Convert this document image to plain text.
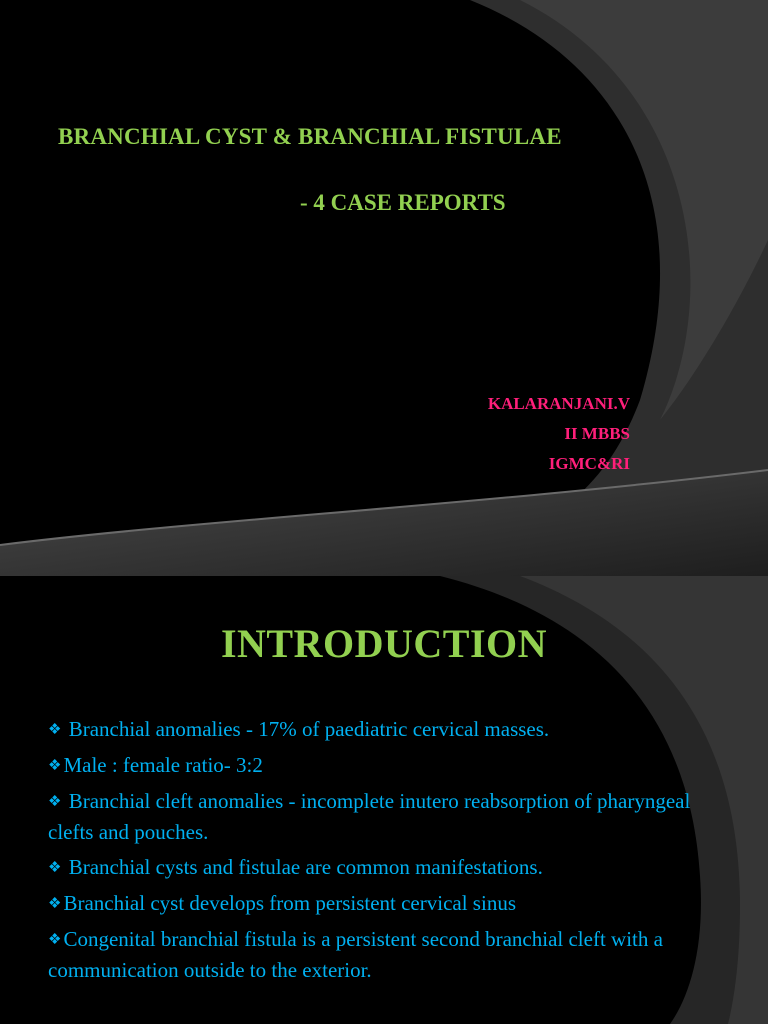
BRANCHIAL CYST & BRANCHIAL FISTULAE

- 4 CASE REPORTS

KALARANJANI.V

II MBBS

IGMC&RI

INTRODUCTION
❖ Branchial anomalies - 17% of paediatric cervical masses.
❖Male : female ratio- 3:2
❖ Branchial cleft anomalies - incomplete inutero reabsorption of pharyngeal clefts and pouches.
❖ Branchial cysts and fistulae are common manifestations.
❖Branchial cyst develops from persistent cervical sinus
❖Congenital branchial fistula is a persistent second branchial cleft with a communication outside to the exterior.
